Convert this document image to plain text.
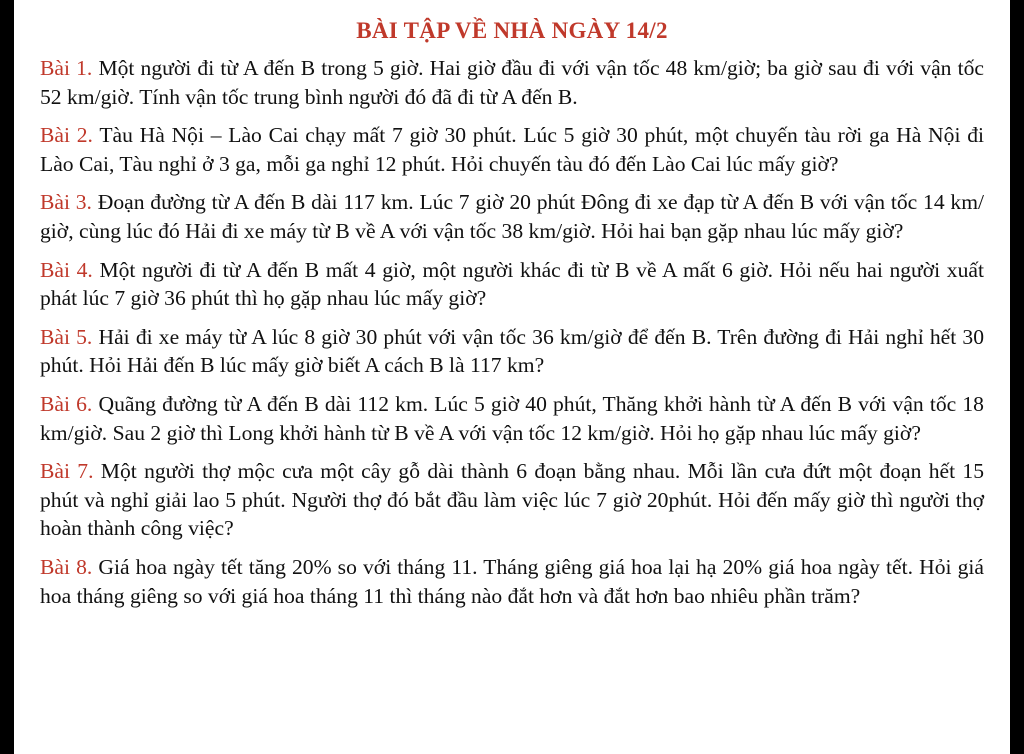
BÀI TẬP VỀ NHÀ NGÀY 14/2

Bài 1. Một người đi từ A đến B trong 5 giờ. Hai giờ đầu đi với vận tốc 48 km/giờ; ba giờ sau đi với vận tốc 52 km/giờ. Tính vận tốc trung bình người đó đã đi từ A đến B.

Bài 2. Tàu Hà Nội – Lào Cai chạy mất 7 giờ 30 phút. Lúc 5 giờ 30 phút, một chuyến tàu rời ga Hà Nội đi Lào Cai, Tàu nghỉ ở 3 ga, mỗi ga nghỉ 12 phút. Hỏi chuyến tàu đó đến Lào Cai lúc mấy giờ?

Bài 3. Đoạn đường từ A đến B dài 117 km. Lúc 7 giờ 20 phút Đông đi xe đạp từ A đến B với vận tốc 14 km/ giờ, cùng lúc đó Hải đi xe máy từ B về A với vận tốc 38 km/giờ. Hỏi hai bạn gặp nhau lúc mấy giờ?

Bài 4. Một người đi từ A đến B mất 4 giờ, một người khác đi từ B về A mất 6 giờ. Hỏi nếu hai người xuất phát lúc 7 giờ 36 phút thì họ gặp nhau lúc mấy giờ?

Bài 5. Hải đi xe máy từ A lúc 8 giờ 30 phút với vận tốc 36 km/giờ để đến B. Trên đường đi Hải nghỉ hết 30 phút. Hỏi Hải đến B lúc mấy giờ biết A cách B là 117 km?

Bài 6. Quãng đường từ A đến B dài 112 km. Lúc 5 giờ 40 phút, Thăng khởi hành từ A đến B với vận tốc 18 km/giờ. Sau 2 giờ thì Long khởi hành từ B về A với vận tốc 12 km/giờ. Hỏi họ gặp nhau lúc mấy giờ?

Bài 7. Một người thợ mộc cưa một cây gỗ dài thành 6 đoạn bằng nhau. Mỗi lần cưa đứt một đoạn hết 15 phút và nghỉ giải lao 5 phút. Người thợ đó bắt đầu làm việc lúc 7 giờ 20phút. Hỏi đến mấy giờ thì người thợ hoàn thành công việc?

Bài 8. Giá hoa ngày tết tăng 20% so với tháng 11. Tháng giêng giá hoa lại hạ 20% giá hoa ngày tết. Hỏi giá hoa tháng giêng so với giá hoa tháng 11 thì tháng nào đắt hơn và đắt hơn bao nhiêu phần trăm?
